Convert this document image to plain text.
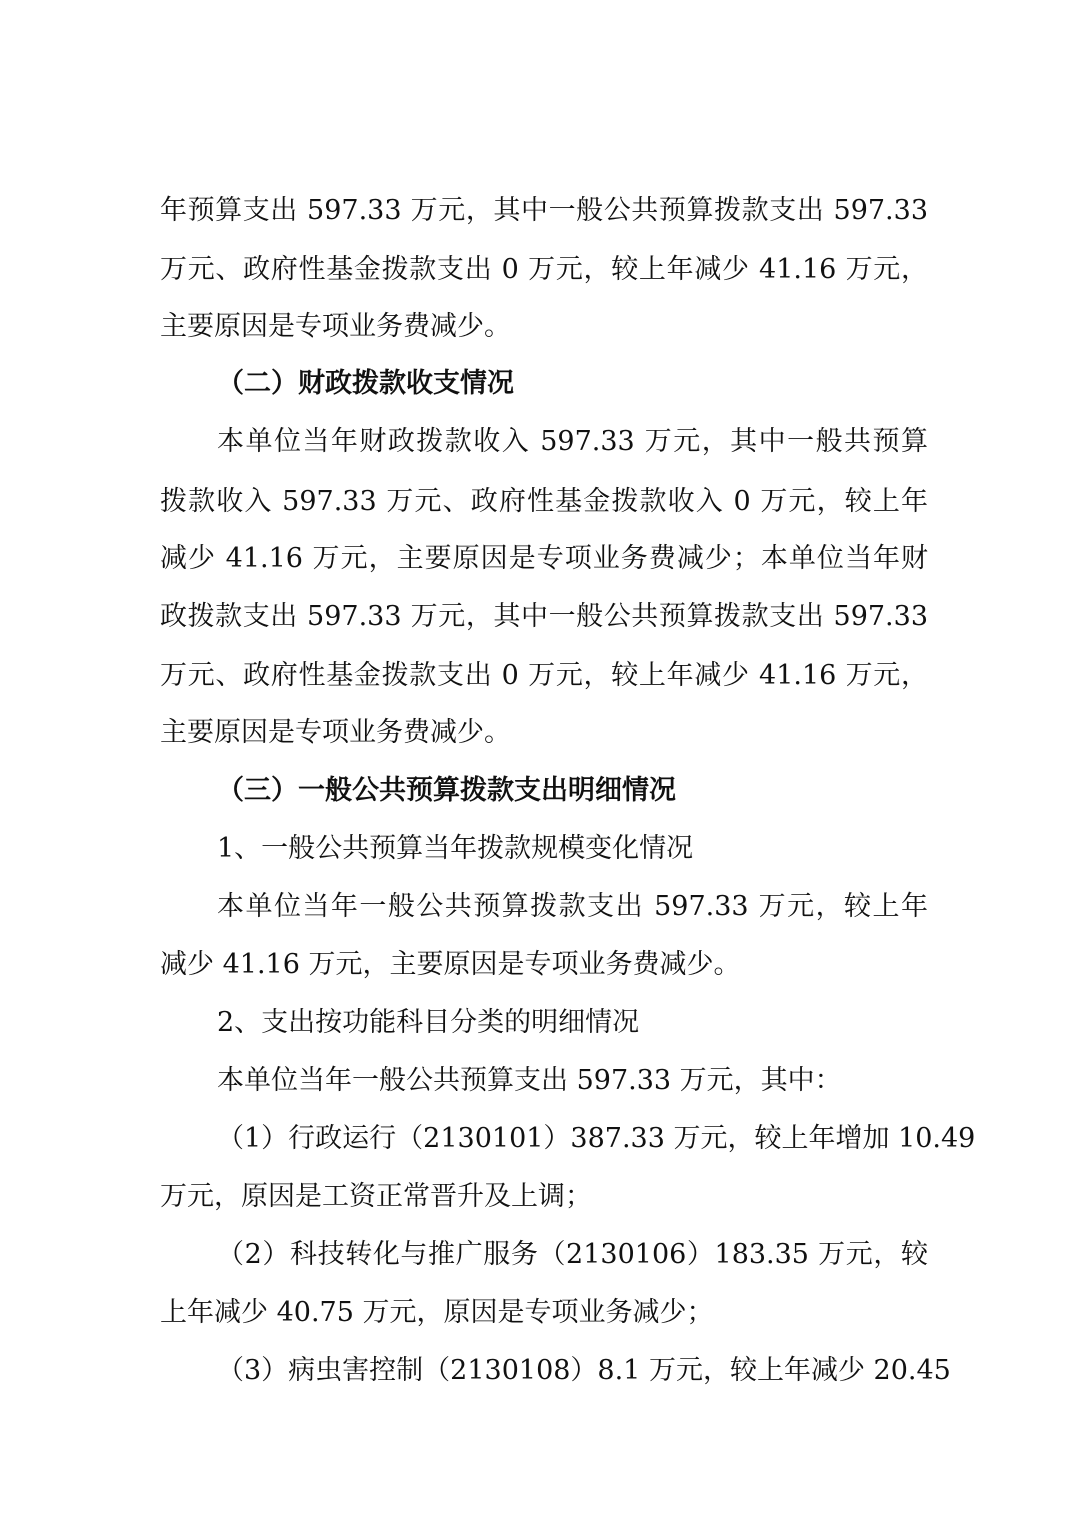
年预算支出 597.33 万元，其中一般公共预算拨款支出 597.33
万元、政府性基金拨款支出 0 万元，较上年减少 41.16 万元，
主要原因是专项业务费减少。
（二）财政拨款收支情况
本单位当年财政拨款收入 597.33 万元，其中一般共预算
拨款收入 597.33 万元、政府性基金拨款收入 0 万元，较上年
减少 41.16 万元，主要原因是专项业务费减少；本单位当年财
政拨款支出 597.33 万元，其中一般公共预算拨款支出 597.33
万元、政府性基金拨款支出 0 万元，较上年减少 41.16 万元，
主要原因是专项业务费减少。
（三）一般公共预算拨款支出明细情况
1、一般公共预算当年拨款规模变化情况
本单位当年一般公共预算拨款支出 597.33 万元，较上年
减少 41.16 万元，主要原因是专项业务费减少。
2、支出按功能科目分类的明细情况
本单位当年一般公共预算支出 597.33 万元，其中：
（1）行政运行（2130101）387.33 万元，较上年增加 10.49
万元，原因是工资正常晋升及上调；
（2）科技转化与推广服务（2130106）183.35 万元，较
上年减少 40.75 万元，原因是专项业务减少；
（3）病虫害控制（2130108）8.1 万元，较上年减少 20.45
